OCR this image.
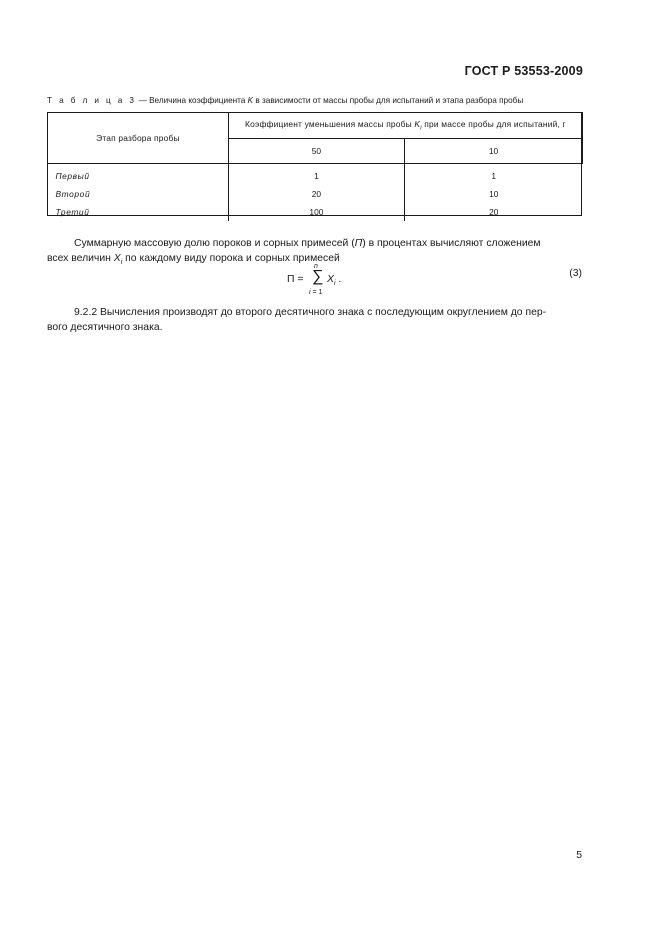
ГОСТ Р 53553-2009
Т а б л и ц а 3 — Величина коэффициента K в зависимости от массы пробы для испытаний и этапа разбора пробы
Этап разбора пробы	Коэффициент уменьшения массы пробы $K_i$ при массе пробы для испытаний, г	
	50	10
Первый	1	1
Второй	20	10
Третий	100	20
Суммарную массовую долю пороков и сорных примесей (П) в процентах вычисляют сложением
всех величин $X_i$ по каждому виду порока и сорных примесей
П =
n
∑
i = 1
$X_i$ .
(3)
9.2.2 Вычисления производят до второго десятичного знака с последующим округлением до пер-
вого десятичного знака.
5
